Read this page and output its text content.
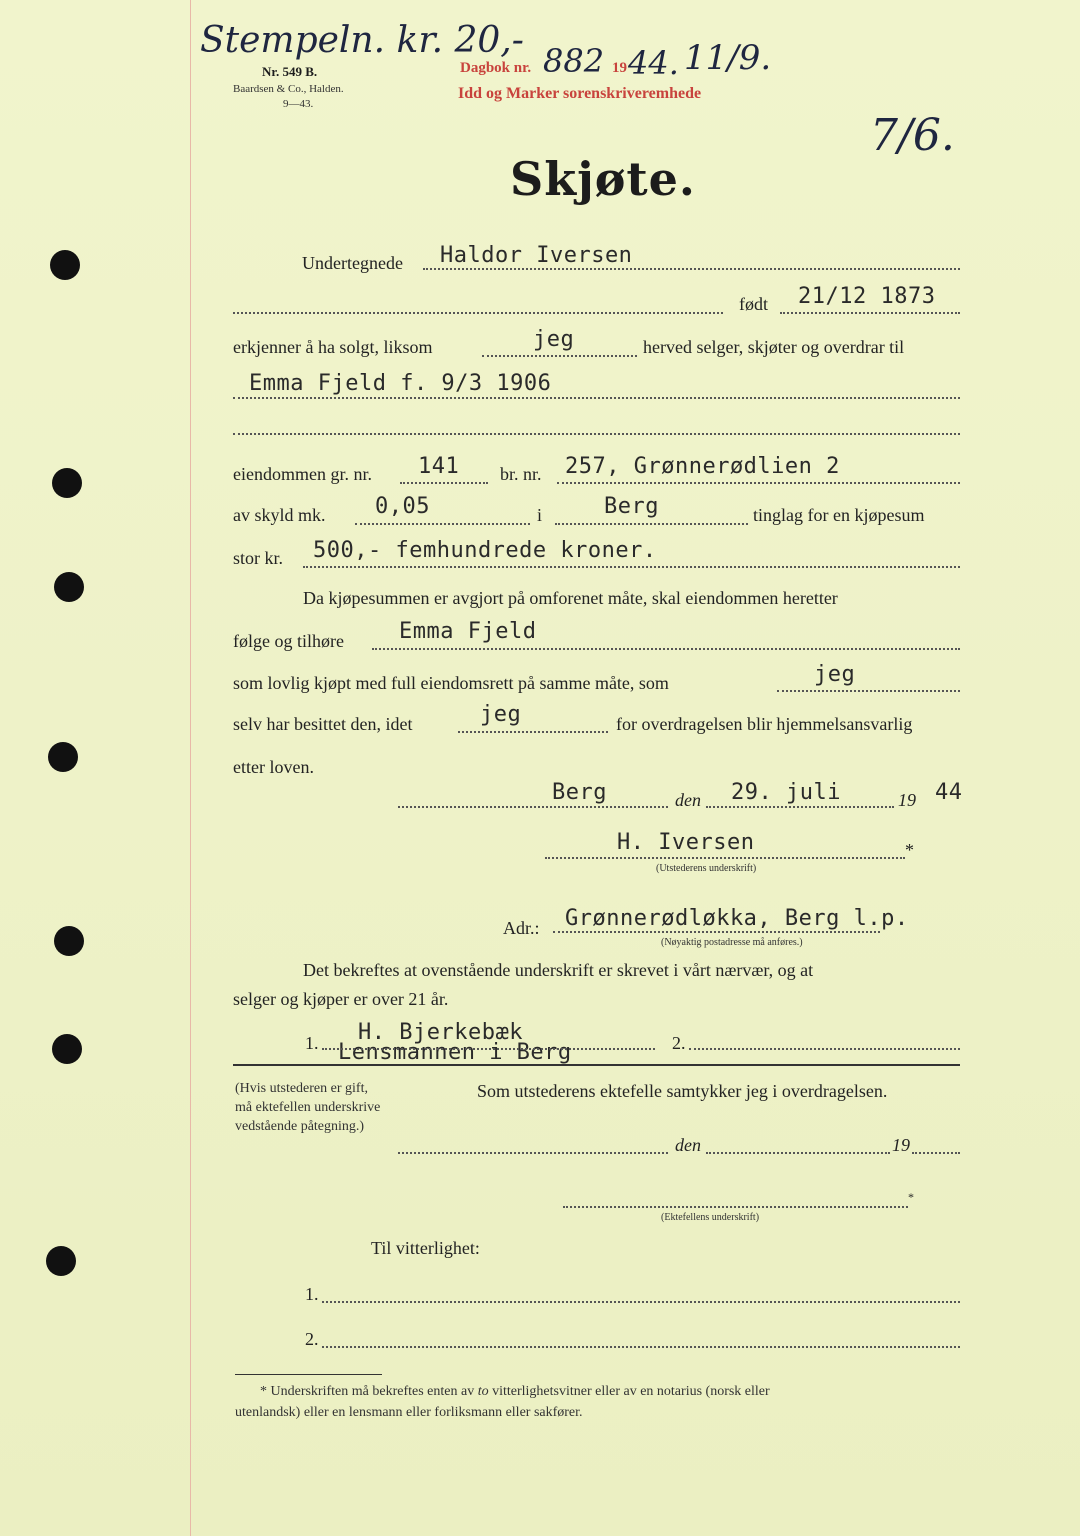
Stempeln. kr. 20,-
Nr. 549 B.
Baardsen & Co., Halden.
9—43.
Dagbok nr. 882 19 44. 11/9.
Idd og Marker sorenskriveremhede
7/6.
Skjøte.
Undertegnede Haldor Iversen
født 21/12 1873
erkjenner å ha solgt, liksom	jeg	herved selger, skjøter og overdrar til
Emma Fjeld f. 9/3 1906
eiendommen gr. nr. 141 br. nr. 257, Grønnerødlien 2
av skyld mk. 0,05	i	Berg	tinglag for en kjøpesum
stor kr. 500,- femhundrede kroner.
Da kjøpesummen er avgjort på omforenet måte, skal eiendommen heretter
følge og tilhøre	Emma Fjeld
som lovlig kjøpt med full eiendomsrett på samme måte, som	jeg
selv har besittet den, idet	jeg	for overdragelsen blir hjemmelsansvarlig
etter loven.
Berg	den 29. juli	19 44
H. Iversen	*
(Utstederens underskrift)
Adr.: Grønnerødløkka, Berg l.p.
(Nøyaktig postadresse må anføres.)
Det bekreftes at ovenstående underskrift er skrevet i vårt nærvær, og at
selger og kjøper er over 21 år.
1. H. Bjerkebæk
Lensmannen i Berg	2.
(Hvis utstederen er gift,
må ektefellen underskrive
vedstående påtegning.)
Som utstederens ektefelle samtykker jeg i overdragelsen.
den	19
*
(Ektefellens underskrift)
Til vitterlighet:
1.
2.
* Underskriften må bekreftes enten av to vitterlighetsvitner eller av en notarius (norsk eller
utenlandsk) eller en lensmann eller forliksmann eller sakfører.
